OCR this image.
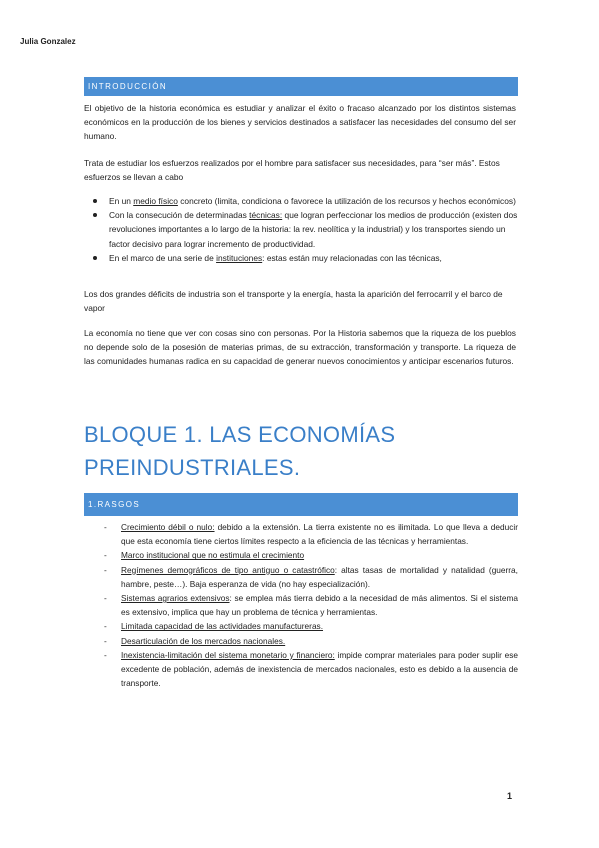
Julia Gonzalez
INTRODUCCIÓN
El objetivo de la historia económica es estudiar y analizar el éxito o fracaso alcanzado por los distintos sistemas económicos en la producción de los bienes y servicios destinados a satisfacer las necesidades del consumo del ser humano.
Trata de estudiar los esfuerzos realizados por el hombre para satisfacer sus necesidades, para “ser más”. Estos esfuerzos se llevan a cabo
En un medio físico concreto (limita, condiciona o favorece la utilización de los recursos y hechos económicos)
Con la consecución de determinadas técnicas: que logran perfeccionar los medios de producción (existen dos revoluciones importantes a lo largo de la historia: la rev. neolítica y la industrial) y los transportes siendo un factor decisivo para lograr incremento de productividad.
En el marco de una serie de instituciones: estas están muy relacionadas con las técnicas,
Los dos grandes déficits de industria son el transporte y la energía, hasta la aparición del ferrocarril y el barco de vapor
La economía no tiene que ver con cosas sino con personas. Por la Historia sabemos que la riqueza de los pueblos no depende solo de la posesión de materias primas, de su extracción, transformación y transporte. La riqueza de las comunidades humanas radica en su capacidad de generar nuevos conocimientos y anticipar escenarios futuros.
BLOQUE 1. LAS ECONOMÍAS PREINDUSTRIALES.
1.RASGOS
- Crecimiento débil o nulo: debido a la extensión. La tierra existente no es ilimitada. Lo que lleva a deducir que esta economía tiene ciertos límites respecto a la eficiencia de las técnicas y herramientas.
- Marco institucional que no estimula el crecimiento
- Regímenes demográficos de tipo antiguo o catastrófico: altas tasas de mortalidad y natalidad (guerra, hambre, peste…). Baja esperanza de vida (no hay especialización).
- Sistemas agrarios extensivos: se emplea más tierra debido a la necesidad de más alimentos. Si el sistema es extensivo, implica que hay un problema de técnica y herramientas.
- Limitada capacidad de las actividades manufactureras.
- Desarticulación de los mercados nacionales.
- Inexistencia-limitación del sistema monetario y financiero: impide comprar materiales para poder suplir ese excedente de población, además de inexistencia de mercados nacionales, esto es debido a la ausencia de transporte.
1
